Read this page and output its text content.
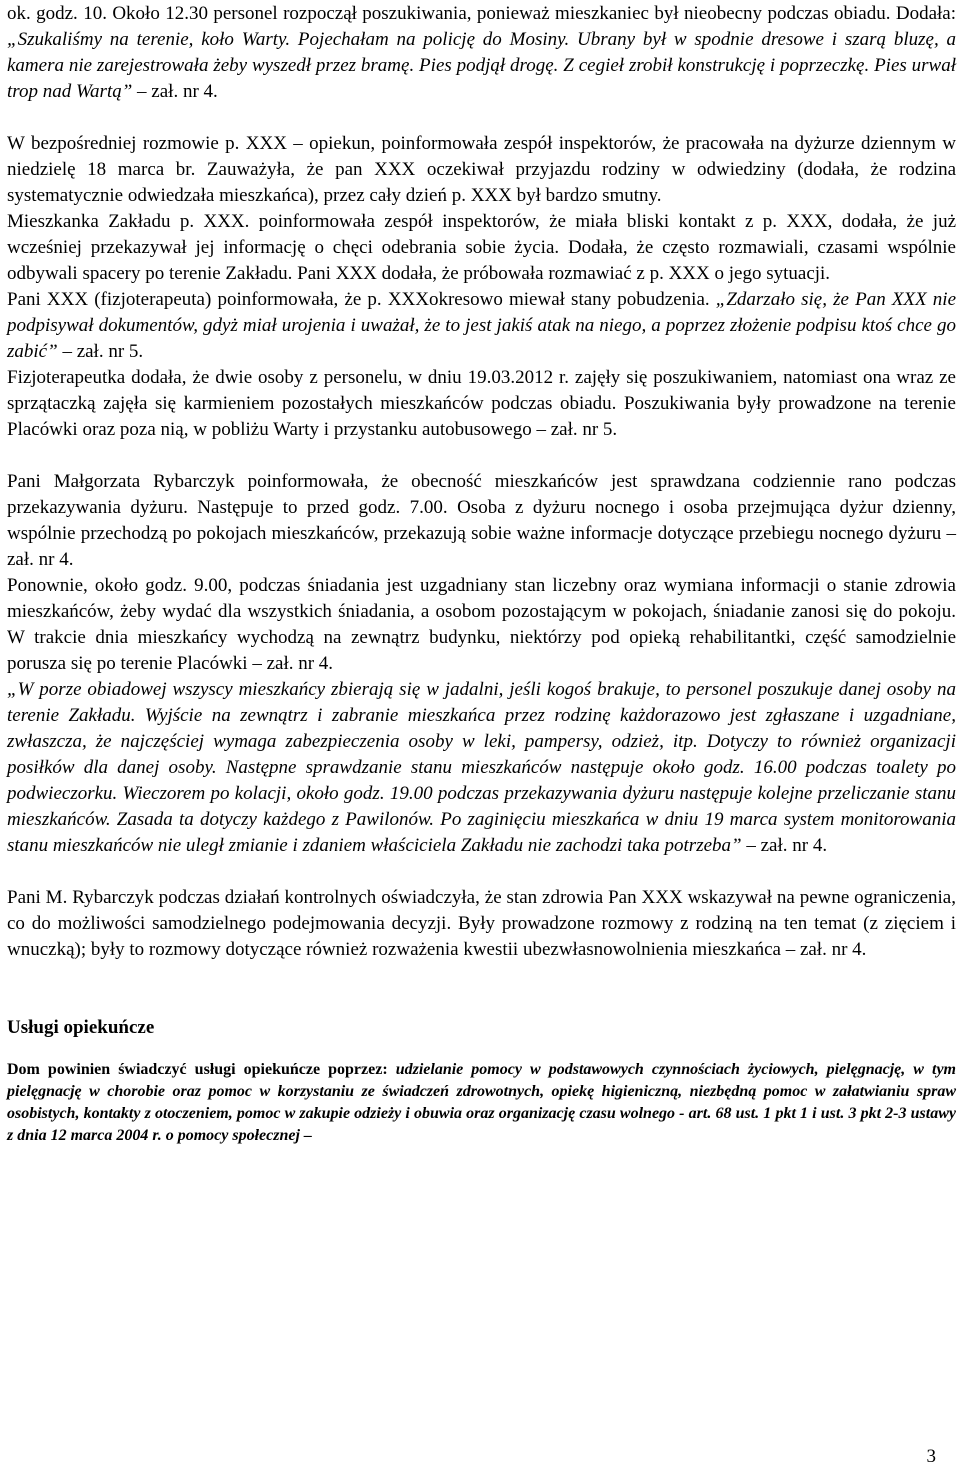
ok. godz. 10. Około 12.30 personel rozpoczął poszukiwania, ponieważ mieszkaniec był nieobecny podczas obiadu. Dodała: „Szukaliśmy na terenie, koło Warty. Pojechałam na policję do Mosiny. Ubrany był w spodnie dresowe i szarą bluzę, a kamera nie zarejestrowała żeby wyszedł przez bramę. Pies podjął drogę. Z cegieł zrobił konstrukcję i poprzeczkę. Pies urwał trop nad Wartą” – zał. nr 4.

W bezpośredniej rozmowie p. XXX – opiekun, poinformowała zespół inspektorów, że pracowała na dyżurze dziennym w niedzielę 18 marca br. Zauważyła, że pan XXX oczekiwał przyjazdu rodziny w odwiedziny (dodała, że rodzina systematycznie odwiedzała mieszkańca), przez cały dzień p. XXX był bardzo smutny.

Mieszkanka Zakładu p. XXX. poinformowała zespół inspektorów, że miała bliski kontakt z p. XXX, dodała, że już wcześniej przekazywał jej informację o chęci odebrania sobie życia. Dodała, że często rozmawiali, czasami wspólnie odbywali spacery po terenie Zakładu. Pani XXX dodała, że próbowała rozmawiać z p. XXX o jego sytuacji.

Pani XXX (fizjoterapeuta) poinformowała, że p. XXXokresowo miewał stany pobudzenia. „Zdarzało się, że Pan XXX nie podpisywał dokumentów, gdyż miał urojenia i uważał, że to jest jakiś atak na niego, a poprzez złożenie podpisu ktoś chce go zabić” – zał. nr 5.

Fizjoterapeutka dodała, że dwie osoby z personelu, w dniu 19.03.2012 r. zajęły się poszukiwaniem, natomiast ona wraz ze sprzątaczką zajęła się karmieniem pozostałych mieszkańców podczas obiadu. Poszukiwania były prowadzone na terenie Placówki oraz poza nią, w pobliżu Warty i przystanku autobusowego – zał. nr 5.

Pani Małgorzata Rybarczyk poinformowała, że obecność mieszkańców jest sprawdzana codziennie rano podczas przekazywania dyżuru. Następuje to przed godz. 7.00. Osoba z dyżuru nocnego i osoba przejmująca dyżur dzienny, wspólnie przechodzą po pokojach mieszkańców, przekazują sobie ważne informacje dotyczące przebiegu nocnego dyżuru –zał. nr 4.

Ponownie, około godz. 9.00, podczas śniadania jest uzgadniany stan liczebny oraz wymiana informacji o stanie zdrowia mieszkańców, żeby wydać dla wszystkich śniadania, a osobom pozostającym w pokojach, śniadanie zanosi się do pokoju. W trakcie dnia mieszkańcy wychodzą na zewnątrz budynku, niektórzy pod opieką rehabilitantki, część samodzielnie porusza się po terenie Placówki – zał. nr 4.

„W porze obiadowej wszyscy mieszkańcy zbierają się w jadalni, jeśli kogoś brakuje, to personel poszukuje danej osoby na terenie Zakładu. Wyjście na zewnątrz i zabranie mieszkańca przez rodzinę każdorazowo jest zgłaszane i uzgadniane, zwłaszcza, że najczęściej wymaga zabezpieczenia osoby w leki, pampersy, odzież, itp. Dotyczy to również organizacji posiłków dla danej osoby. Następne sprawdzanie stanu mieszkańców następuje około godz. 16.00 podczas toalety po podwieczorku. Wieczorem po kolacji, około godz. 19.00 podczas przekazywania dyżuru następuje kolejne przeliczanie stanu mieszkańców. Zasada ta dotyczy każdego z Pawilonów. Po zaginięciu mieszkańca w dniu 19 marca system monitorowania stanu mieszkańców nie uległ zmianie i zdaniem właściciela Zakładu nie zachodzi taka potrzeba” – zał. nr 4.

Pani M. Rybarczyk podczas działań kontrolnych oświadczyła, że stan zdrowia Pan XXX wskazywał na pewne ograniczenia, co do możliwości samodzielnego podejmowania decyzji. Były prowadzone rozmowy z rodziną na ten temat (z zięciem i wnuczką); były to rozmowy dotyczące również rozważenia kwestii ubezwłasnowolnienia mieszkańca – zał. nr 4.

Usługi opiekuńcze

Dom powinien świadczyć usługi opiekuńcze poprzez: udzielanie pomocy w podstawowych czynnościach życiowych, pielęgnację, w tym pielęgnację w chorobie oraz pomoc w korzystaniu ze świadczeń zdrowotnych, opiekę higieniczną, niezbędną pomoc w załatwianiu spraw osobistych, kontakty z otoczeniem, pomoc w zakupie odzieży i obuwia oraz organizację czasu wolnego - art. 68 ust. 1 pkt 1 i ust. 3 pkt 2-3 ustawy z dnia 12 marca 2004 r. o pomocy społecznej –

3
